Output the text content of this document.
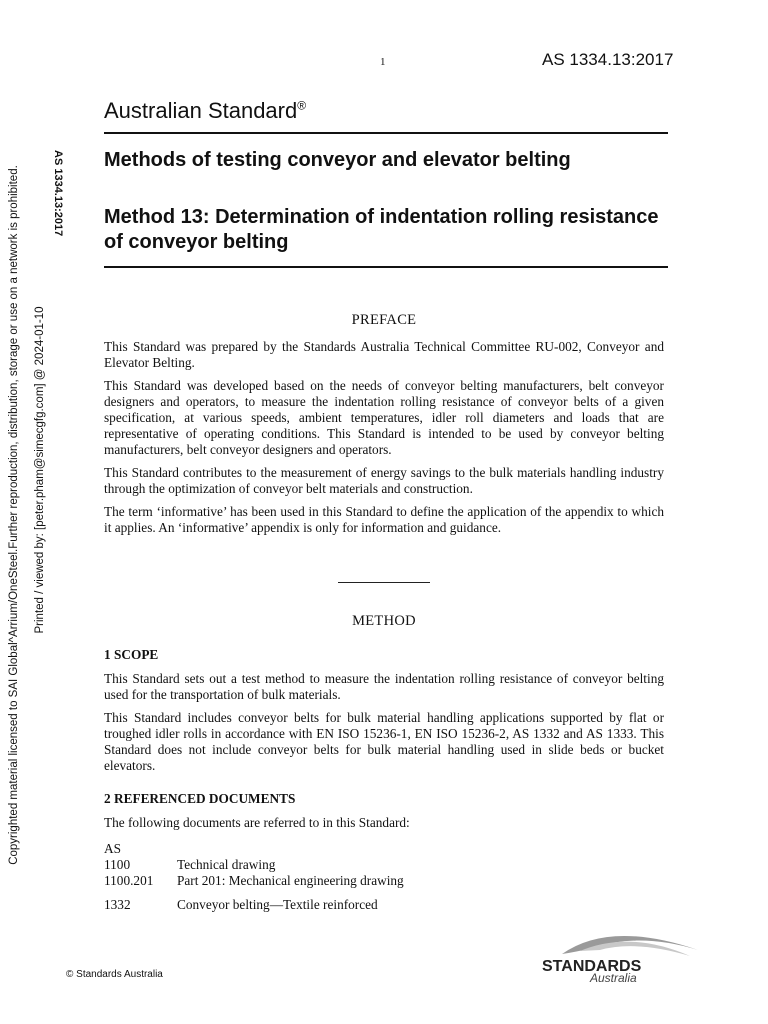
1	AS 1334.13:2017
Australian Standard®
Methods of testing conveyor and elevator belting
Method 13: Determination of indentation rolling resistance of conveyor belting
Copyrighted material licensed to SAI Global^Arrium/OneSteel.Further reproduction, distribution, storage or use on a network is prohibited. Printed / viewed by: [peter.pham@simecgfg.com] @ 2024-01-10
AS 1334.13:2017
PREFACE

This Standard was prepared by the Standards Australia Technical Committee RU-002, Conveyor and Elevator Belting.

This Standard was developed based on the needs of conveyor belting manufacturers, belt conveyor designers and operators, to measure the indentation rolling resistance of conveyor belts of a given specification, at various speeds, ambient temperatures, idler roll diameters and loads that are representative of operating conditions. This Standard is intended to be used by conveyor belting manufacturers, belt conveyor designers and operators.

This Standard contributes to the measurement of energy savings to the bulk materials handling industry through the optimization of conveyor belt materials and construction.

The term ‘informative’ has been used in this Standard to define the application of the appendix to which it applies. An ‘informative’ appendix is only for information and guidance.

METHOD
1 SCOPE

This Standard sets out a test method to measure the indentation rolling resistance of conveyor belting used for the transportation of bulk materials.

This Standard includes conveyor belts for bulk material handling applications supported by flat or troughed idler rolls in accordance with EN ISO 15236-1, EN ISO 15236-2, AS 1332 and AS 1333. This Standard does not include conveyor belts for bulk material handling used in slide beds or bucket elevators.

2 REFERENCED DOCUMENTS

The following documents are referred to in this Standard:

AS

1100	Technical drawing
1100.201	Part 201: Mechanical engineering drawing
1332	Conveyor belting—Textile reinforced
© Standards Australia	STANDARDS
Australia
